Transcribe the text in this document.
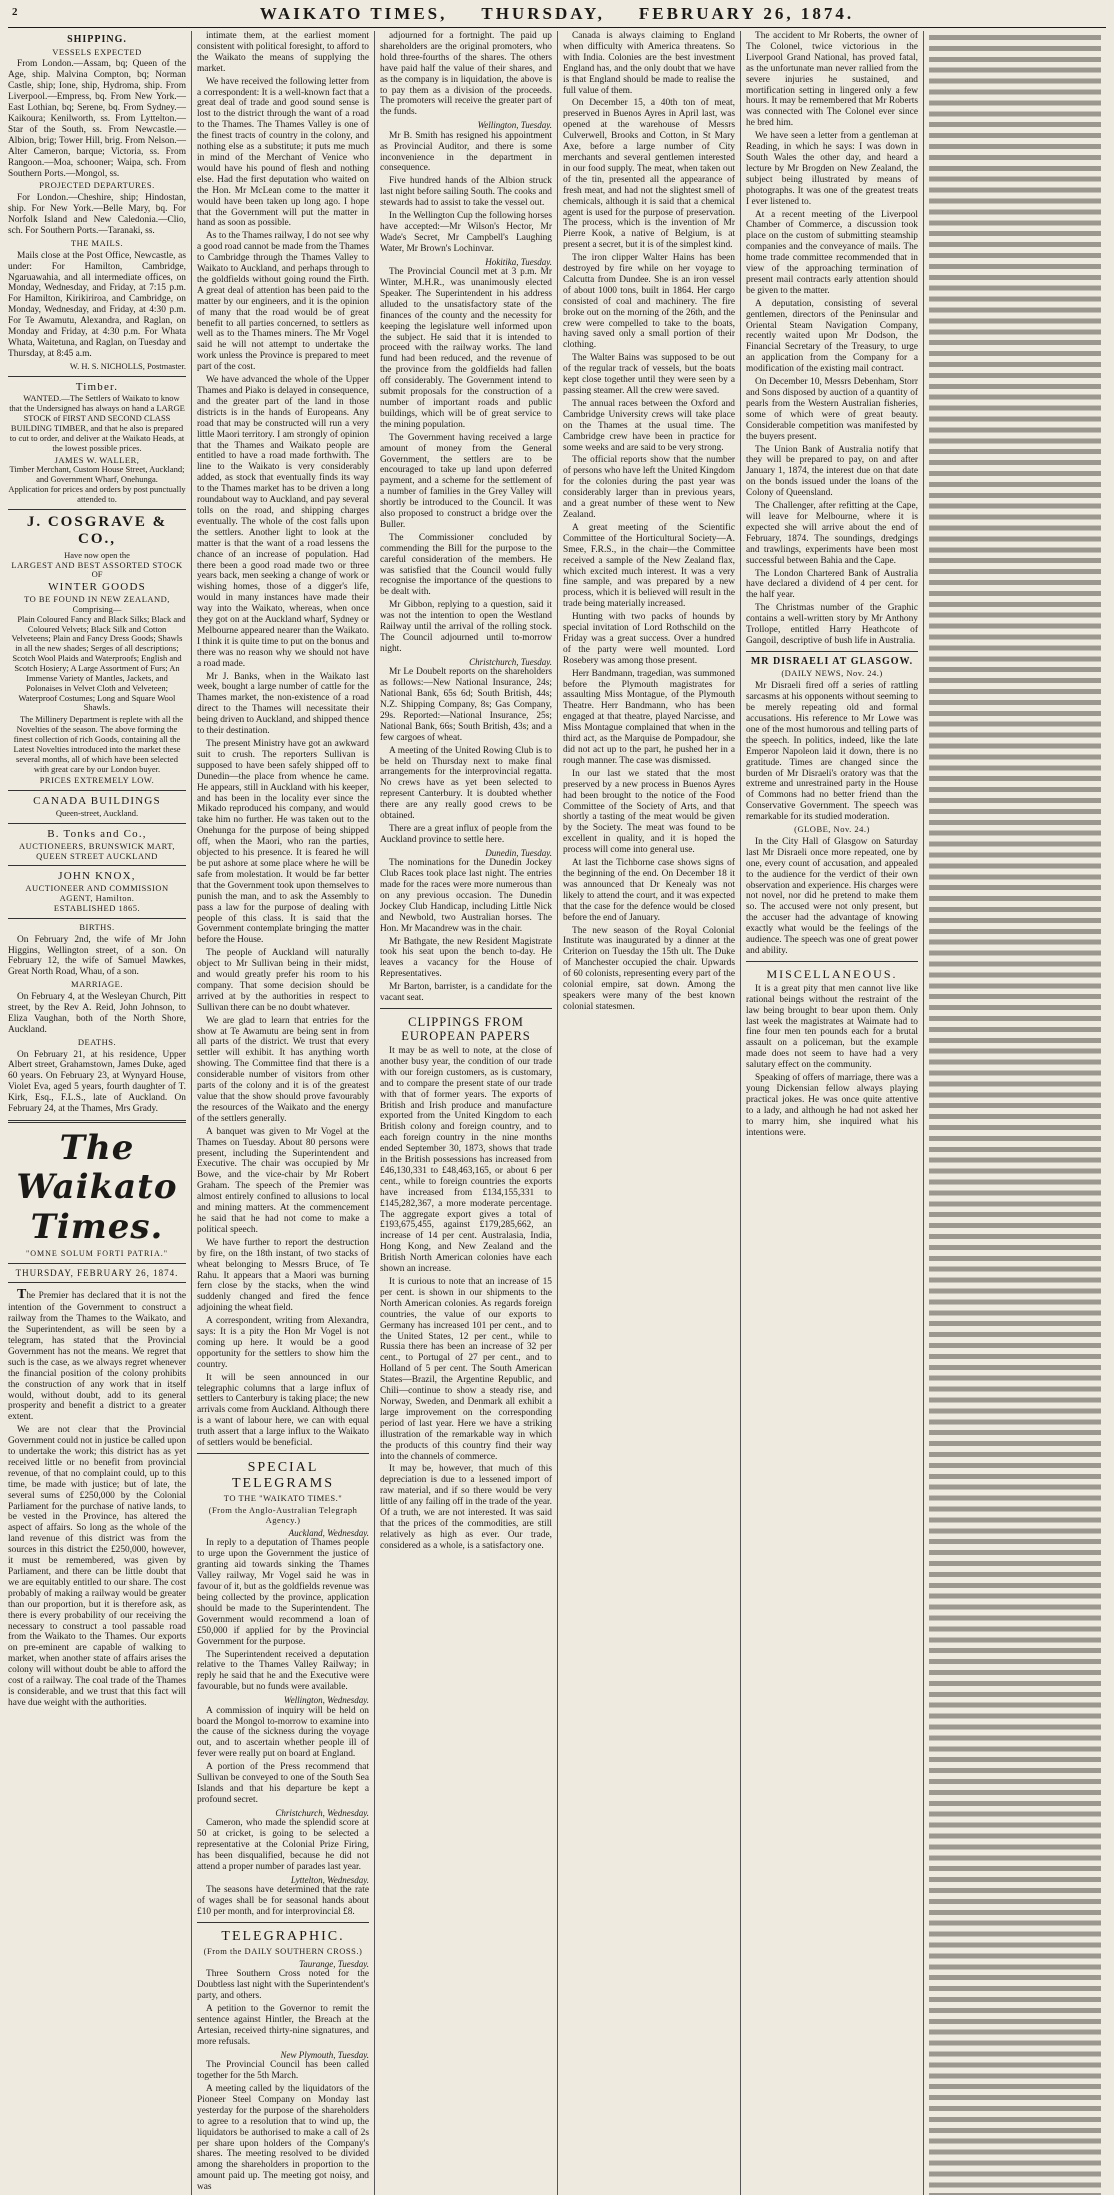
2	WAIKATO TIMES, THURSDAY, FEBRUARY 26, 1874.
SHIPPING.
VESSELS EXPECTED

From London.—Assam, bq; Queen of the Age, ship. Malvina Compton, bq; Norman Castle, ship; Ione, ship, Hydroma, ship. From Liverpool.—Empress, bq. From New York.—East Lothian, bq; Serene, bq. From Sydney.—Kaikoura; Kenilworth, ss. From Lyttelton.—Star of the South, ss. From Newcastle.—Albion, brig; Tower Hill, brig. From Nelson.—Alter Cameron, barque; Victoria, ss. From Rangoon.—Moa, schooner; Waipa, sch. From Southern Ports.—Mongol, ss.

PROJECTED DEPARTURES.

For London.—Cheshire, ship; Hindostan, ship. For New York.—Belle Mary, bq. For Norfolk Island and New Caledonia.—Clio, sch. For Southern Ports.—Taranaki, ss.

THE MAILS.

Mails close at the Post Office, Newcastle, as under: For Hamilton, Cambridge, Ngaruawahia, and all intermediate offices, on Monday, Wednesday, and Friday, at 7:15 p.m. For Hamilton, Kirikiriroa, and Cambridge, on Monday, Wednesday, and Friday, at 4:30 p.m. For Te Awamutu, Alexandra, and Raglan, on Monday and Friday, at 4:30 p.m. For Whata Whata, Waitetuna, and Raglan, on Tuesday and Thursday, at 8:45 a.m.

W. H. S. NICHOLLS, Postmaster.
Timber.

WANTED.—The Settlers of Waikato to know that the Undersigned has always on hand a LARGE STOCK of FIRST AND SECOND CLASS BUILDING TIMBER, and that he also is prepared to cut to order, and deliver at the Waikato Heads, at the lowest possible prices.

JAMES W. WALLER,
Timber Merchant, Custom House Street, Auckland; and Government Wharf, Onehunga.
Application for prices and orders by post punctually attended to.
J. COSGRAVE & CO.,
Have now open the
LARGEST AND BEST ASSORTED STOCK
OF
WINTER GOODS
TO BE FOUND IN NEW ZEALAND,
Comprising—

Plain Coloured Fancy and Black Silks; Black and Coloured Velvets; Black Silk and Cotton Velveteens; Plain and Fancy Dress Goods; Shawls in all the new shades; Serges of all descriptions; Scotch Wool Plaids and Waterproofs; English and Scotch Hosiery; A Large Assortment of Furs; An Immense Variety of Mantles, Jackets, and Polonaises in Velvet Cloth and Velveteen; Waterproof Costumes; Long and Square Wool Shawls.

The Millinery Department is replete with all the Novelties of the season. The above forming the finest collection of rich Goods, containing all the Latest Novelties introduced into the market these several months, all of which have been selected with great care by our London buyer.

PRICES EXTREMELY LOW.
CANADA BUILDINGS
Queen-street, Auckland.
B. Tonks and Co.,
AUCTIONEERS, BRUNSWICK MART,
QUEEN STREET AUCKLAND
JOHN KNOX,
AUCTIONEER AND COMMISSION AGENT, Hamilton.
ESTABLISHED 1865.
BIRTHS.

On February 2nd, the wife of Mr John Higgins, Wellington street, of a son. On February 12, the wife of Samuel Mawkes, Great North Road, Whau, of a son.

MARRIAGE.

On February 4, at the Wesleyan Church, Pitt street, by the Rev A. Reid, John Johnson, to Eliza Vaughan, both of the North Shore, Auckland.

DEATHS.

On February 21, at his residence, Upper Albert street, Grahamstown, James Duke, aged 60 years. On February 23, at Wynyard House, Violet Eva, aged 5 years, fourth daughter of T. Kirk, Esq., F.L.S., late of Auckland. On February 24, at the Thames, Mrs Grady.

The Waikato Times.
"OMNE SOLUM FORTI PATRIA."
THURSDAY, FEBRUARY 26, 1874.

The Premier has declared that it is not the intention of the Government to construct a railway from the Thames to the Waikato, and the Superintendent, as will be seen by a telegram, has stated that the Provincial Government has not the means. We regret that such is the case, as we always regret whenever the financial position of the colony prohibits the construction of any work that in itself would, without doubt, add to its general prosperity and benefit a district to a greater extent.

We are not clear that the Provincial Government could not in justice be called upon to undertake the work; this district has as yet received little or no benefit from provincial revenue, of that no complaint could, up to this time, be made with justice; but of late, the several sums of £250,000 by the Colonial Parliament for the purchase of native lands, to be vested in the Province, has altered the aspect of affairs. So long as the whole of the land revenue of this district was from the sources in this district the £250,000, however, it must be remembered, was given by Parliament, and there can be little doubt that we are equitably entitled to our share. The cost probably of making a railway would be greater than our proportion, but it is therefore ask, as there is every probability of our receiving the necessary to construct a tool passable road from the Waikato to the Thames. Our exports on pre-eminent are capable of walking to market, when another state of affairs arises the colony will without doubt be able to afford the cost of a railway. The coal trade of the Thames is considerable, and we trust that this fact will have due weight with the authorities.

intimate them, at the earliest moment consistent with political foresight, to afford to the Waikato the means of supplying the market.

We have received the following letter from a correspondent: It is a well-known fact that a great deal of trade and good sound sense is lost to the district through the want of a road to the Thames. The Thames Valley is one of the finest tracts of country in the colony, and nothing else as a substitute; it puts me much in mind of the Merchant of Venice who would have his pound of flesh and nothing else. Had the first deputation who waited on the Hon. Mr McLean come to the matter it would have been taken up long ago. I hope that the Government will put the matter in hand as soon as possible.

As to the Thames railway, I do not see why a good road cannot be made from the Thames to Cambridge through the Thames Valley to Waikato to Auckland, and perhaps through to the goldfields without going round the Firth. A great deal of attention has been paid to the matter by our engineers, and it is the opinion of many that the road would be of great benefit to all parties concerned, to settlers as well as to the Thames miners. The Mr Vogel said he will not attempt to undertake the work unless the Province is prepared to meet part of the cost.

We have advanced the whole of the Upper Thames and Piako is delayed in consequence, and the greater part of the land in those districts is in the hands of Europeans. Any road that may be constructed will run a very little Maori territory. I am strongly of opinion that the Thames and Waikato people are entitled to have a road made forthwith. The line to the Waikato is very considerably added, as stock that eventually finds its way to the Thames market has to be driven a long roundabout way to Auckland, and pay several tolls on the road, and shipping charges eventually. The whole of the cost falls upon the settlers. Another light to look at the matter is that the want of a road lessens the chance of an increase of population. Had there been a good road made two or three years back, men seeking a change of work or wishing homes, those of a digger's life, would in many instances have made their way into the Waikato, whereas, when once they got on at the Auckland wharf, Sydney or Melbourne appeared nearer than the Waikato. I think it is quite time to put on the bonus and there was no reason why we should not have a road made.

Mr J. Banks, when in the Waikato last week, bought a large number of cattle for the Thames market, the non-existence of a road direct to the Thames will necessitate their being driven to Auckland, and shipped thence to their destination.

The present Ministry have got an awkward suit to crush. The reporters Sullivan is supposed to have been safely shipped off to Dunedin—the place from whence he came. He appears, still in Auckland with his keeper, and has been in the locality ever since the Mikado reproduced his company, and would take him no further. He was taken out to the Onehunga for the purpose of being shipped off, when the Maori, who ran the parties, objected to his presence. It is feared he will be put ashore at some place where he will be safe from molestation. It would be far better that the Government took upon themselves to punish the man, and to ask the Assembly to pass a law for the purpose of dealing with people of this class. It is said that the Government contemplate bringing the matter before the House.

The people of Auckland will naturally object to Mr Sullivan being in their midst, and would greatly prefer his room to his company. That some decision should be arrived at by the authorities in respect to Sullivan there can be no doubt whatever.

We are glad to learn that entries for the show at Te Awamutu are being sent in from all parts of the district. We trust that every settler will exhibit. It has anything worth showing. The Committee find that there is a considerable number of visitors from other parts of the colony and it is of the greatest value that the show should prove favourably the resources of the Waikato and the energy of the settlers generally.

A banquet was given to Mr Vogel at the Thames on Tuesday. About 80 persons were present, including the Superintendent and Executive. The chair was occupied by Mr Bowe, and the vice-chair by Mr Robert Graham. The speech of the Premier was almost entirely confined to allusions to local and mining matters. At the commencement he said that he had not come to make a political speech.

We have further to report the destruction by fire, on the 18th instant, of two stacks of wheat belonging to Messrs Bruce, of Te Rahu. It appears that a Maori was burning fern close by the stacks, when the wind suddenly changed and fired the fence adjoining the wheat field.

A correspondent, writing from Alexandra, says: It is a pity the Hon Mr Vogel is not coming up here. It would be a good opportunity for the settlers to show him the country.

It will be seen announced in our telegraphic columns that a large influx of settlers to Canterbury is taking place; the new arrivals come from Auckland. Although there is a want of labour here, we can with equal truth assert that a large influx to the Waikato of settlers would be beneficial.

SPECIAL TELEGRAMS
TO THE "WAIKATO TIMES."
(From the Anglo-Australian Telegraph Agency.)
Auckland, Wednesday.

In reply to a deputation of Thames people to urge upon the Government the justice of granting aid towards sinking the Thames Valley railway, Mr Vogel said he was in favour of it, but as the goldfields revenue was being collected by the province, application should be made to the Superintendent. The Government would recommend a loan of £50,000 if applied for by the Provincial Government for the purpose.

The Superintendent received a deputation relative to the Thames Valley Railway; in reply he said that he and the Executive were favourable, but no funds were available.

Wellington, Wednesday.

A commission of inquiry will be held on board the Mongol to-morrow to examine into the cause of the sickness during the voyage out, and to ascertain whether people ill of fever were really put on board at England.

A portion of the Press recommend that Sullivan be conveyed to one of the South Sea Islands and that his departure be kept a profound secret.

Christchurch, Wednesday.

Cameron, who made the splendid score at 50 at cricket, is going to be selected a representative at the Colonial Prize Firing, has been disqualified, because he did not attend a proper number of parades last year.

Lyttelton, Wednesday.

The seasons have determined that the rate of wages shall be for seasonal hands about £10 per month, and for interprovincial £8.

TELEGRAPHIC.
(From the DAILY SOUTHERN CROSS.)
Taurange, Tuesday.

Three Southern Cross noted for the Doubtless last night with the Superintendent's party, and others.

A petition to the Governor to remit the sentence against Hintler, the Breach at the Artesian, received thirty-nine signatures, and more refusals.

New Plymouth, Tuesday.

The Provincial Council has been called together for the 5th March.

A meeting called by the liquidators of the Pioneer Steel Company on Monday last yesterday for the purpose of the shareholders to agree to a resolution that to wind up, the liquidators be authorised to make a call of 2s per share upon holders of the Company's shares. The meeting resolved to be divided among the shareholders in proportion to the amount paid up. The meeting got noisy, and was

adjourned for a fortnight. The paid up shareholders are the original promoters, who hold three-fourths of the shares. The others have paid half the value of their shares, and as the company is in liquidation, the above is to pay them as a division of the proceeds. The promoters will receive the greater part of the funds.

Wellington, Tuesday.

Mr B. Smith has resigned his appointment as Provincial Auditor, and there is some inconvenience in the department in consequence.

Five hundred hands of the Albion struck last night before sailing South. The cooks and stewards had to assist to take the vessel out.

In the Wellington Cup the following horses have accepted:—Mr Wilson's Hector, Mr Wade's Secret, Mr Campbell's Laughing Water, Mr Brown's Lochinvar.

Hokitika, Tuesday.

The Provincial Council met at 3 p.m. Mr Winter, M.H.R., was unanimously elected Speaker. The Superintendent in his address alluded to the unsatisfactory state of the finances of the county and the necessity for keeping the legislature well informed upon the subject. He said that it is intended to proceed with the railway works. The land fund had been reduced, and the revenue of the province from the goldfields had fallen off considerably. The Government intend to submit proposals for the construction of a number of important roads and public buildings, which will be of great service to the mining population.

The Government having received a large amount of money from the General Government, the settlers are to be encouraged to take up land upon deferred payment, and a scheme for the settlement of a number of families in the Grey Valley will shortly be introduced to the Council. It was also proposed to construct a bridge over the Buller.

The Commissioner concluded by commending the Bill for the purpose to the careful consideration of the members. He was satisfied that the Council would fully recognise the importance of the questions to be dealt with.

Mr Gibbon, replying to a question, said it was not the intention to open the Westland Railway until the arrival of the rolling stock. The Council adjourned until to-morrow night.

Christchurch, Tuesday.

Mr Le Doubelt reports on the shareholders as follows:—New National Insurance, 24s; National Bank, 65s 6d; South British, 44s; N.Z. Shipping Company, 8s; Gas Company, 29s. Reported:—National Insurance, 25s; National Bank, 66s; South British, 43s; and a few cargoes of wheat.

A meeting of the United Rowing Club is to be held on Thursday next to make final arrangements for the interprovincial regatta. No crews have as yet been selected to represent Canterbury. It is doubted whether there are any really good crews to be obtained.

There are a great influx of people from the Auckland province to settle here.

Dunedin, Tuesday.

The nominations for the Dunedin Jockey Club Races took place last night. The entries made for the races were more numerous than on any previous occasion. The Dunedin Jockey Club Handicap, including Little Nick and Newbold, two Australian horses. The Hon. Mr Macandrew was in the chair.

Mr Bathgate, the new Resident Magistrate took his seat upon the bench to-day. He leaves a vacancy for the House of Representatives.

Mr Barton, barrister, is a candidate for the vacant seat.

CLIPPINGS FROM EUROPEAN PAPERS

It may be as well to note, at the close of another busy year, the condition of our trade with our foreign customers, as is customary, and to compare the present state of our trade with that of former years. The exports of British and Irish produce and manufacture exported from the United Kingdom to each British colony and foreign country, and to each foreign country in the nine months ended September 30, 1873, shows that trade in the British possessions has increased from £46,130,331 to £48,463,165, or about 6 per cent., while to foreign countries the exports have increased from £134,155,331 to £145,282,367, a more moderate percentage. The aggregate export gives a total of £193,675,455, against £179,285,662, an increase of 14 per cent. Australasia, India, Hong Kong, and New Zealand and the British North American colonies have each shown an increase.

It is curious to note that an increase of 15 per cent. is shown in our shipments to the North American colonies. As regards foreign countries, the value of our exports to Germany has increased 101 per cent., and to the United States, 12 per cent., while to Russia there has been an increase of 32 per cent., to Portugal of 27 per cent., and to Holland of 5 per cent. The South American States—Brazil, the Argentine Republic, and Chili—continue to show a steady rise, and Norway, Sweden, and Denmark all exhibit a large improvement on the corresponding period of last year. Here we have a striking illustration of the remarkable way in which the products of this country find their way into the channels of commerce.

It may be, however, that much of this depreciation is due to a lessened import of raw material, and if so there would be very little of any failing off in the trade of the year. Of a truth, we are not interested. It was said that the prices of the commodities, are still relatively as high as ever. Our trade, considered as a whole, is a satisfactory one.

Canada is always claiming to England when difficulty with America threatens. So with India. Colonies are the best investment England has, and the only doubt that we have is that England should be made to realise the full value of them.

On December 15, a 40th ton of meat, preserved in Buenos Ayres in April last, was opened at the warehouse of Messrs Culverwell, Brooks and Cotton, in St Mary Axe, before a large number of City merchants and several gentlemen interested in our food supply. The meat, when taken out of the tin, presented all the appearance of fresh meat, and had not the slightest smell of chemicals, although it is said that a chemical agent is used for the purpose of preservation. The process, which is the invention of Mr Pierre Kook, a native of Belgium, is at present a secret, but it is of the simplest kind.

The iron clipper Walter Hains has been destroyed by fire while on her voyage to Calcutta from Dundee. She is an iron vessel of about 1000 tons, built in 1864. Her cargo consisted of coal and machinery. The fire broke out on the morning of the 26th, and the crew were compelled to take to the boats, having saved only a small portion of their clothing.

The Walter Bains was supposed to be out of the regular track of vessels, but the boats kept close together until they were seen by a passing steamer. All the crew were saved.

The annual races between the Oxford and Cambridge University crews will take place on the Thames at the usual time. The Cambridge crew have been in practice for some weeks and are said to be very strong.

The official reports show that the number of persons who have left the United Kingdom for the colonies during the past year was considerably larger than in previous years, and a great number of these went to New Zealand.

A great meeting of the Scientific Committee of the Horticultural Society—A. Smee, F.R.S., in the chair—the Committee received a sample of the New Zealand flax, which excited much interest. It was a very fine sample, and was prepared by a new process, which it is believed will result in the trade being materially increased.

Hunting with two packs of hounds by special invitation of Lord Rothschild on the Friday was a great success. Over a hundred of the party were well mounted. Lord Rosebery was among those present.

Herr Bandmann, tragedian, was summoned before the Plymouth magistrates for assaulting Miss Montague, of the Plymouth Theatre. Herr Bandmann, who has been engaged at that theatre, played Narcisse, and Miss Montague complained that when in the third act, as the Marquise de Pompadour, she did not act up to the part, he pushed her in a rough manner. The case was dismissed.

In our last we stated that the most preserved by a new process in Buenos Ayres had been brought to the notice of the Food Committee of the Society of Arts, and that shortly a tasting of the meat would be given by the Society. The meat was found to be excellent in quality, and it is hoped the process will come into general use.

At last the Tichborne case shows signs of the beginning of the end. On December 18 it was announced that Dr Kenealy was not likely to attend the court, and it was expected that the case for the defence would be closed before the end of January.

The new season of the Royal Colonial Institute was inaugurated by a dinner at the Criterion on Tuesday the 15th ult. The Duke of Manchester occupied the chair. Upwards of 60 colonists, representing every part of the colonial empire, sat down. Among the speakers were many of the best known colonial statesmen.

The accident to Mr Roberts, the owner of The Colonel, twice victorious in the Liverpool Grand National, has proved fatal, as the unfortunate man never rallied from the severe injuries he sustained, and mortification setting in lingered only a few hours. It may be remembered that Mr Roberts was connected with The Colonel ever since he bred him.

We have seen a letter from a gentleman at Reading, in which he says: I was down in South Wales the other day, and heard a lecture by Mr Brogden on New Zealand, the subject being illustrated by means of photographs. It was one of the greatest treats I ever listened to.

At a recent meeting of the Liverpool Chamber of Commerce, a discussion took place on the custom of submitting steamship companies and the conveyance of mails. The home trade committee recommended that in view of the approaching termination of present mail contracts early attention should be given to the matter.

A deputation, consisting of several gentlemen, directors of the Peninsular and Oriental Steam Navigation Company, recently waited upon Mr Dodson, the Financial Secretary of the Treasury, to urge an application from the Company for a modification of the existing mail contract.

On December 10, Messrs Debenham, Storr and Sons disposed by auction of a quantity of pearls from the Western Australian fisheries, some of which were of great beauty. Considerable competition was manifested by the buyers present.

The Union Bank of Australia notify that they will be prepared to pay, on and after January 1, 1874, the interest due on that date on the bonds issued under the loans of the Colony of Queensland.

The Challenger, after refitting at the Cape, will leave for Melbourne, where it is expected she will arrive about the end of February, 1874. The soundings, dredgings and trawlings, experiments have been most successful between Bahia and the Cape.

The London Chartered Bank of Australia have declared a dividend of 4 per cent. for the half year.

The Christmas number of the Graphic contains a well-written story by Mr Anthony Trollope, entitled Harry Heathcote of Gangoil, descriptive of bush life in Australia.

MR DISRAELI AT GLASGOW.
(DAILY NEWS, Nov. 24.)

Mr Disraeli fired off a series of rattling sarcasms at his opponents without seeming to be merely repeating old and formal accusations. His reference to Mr Lowe was one of the most humorous and telling parts of the speech. In politics, indeed, like the late Emperor Napoleon laid it down, there is no gratitude. Times are changed since the burden of Mr Disraeli's oratory was that the extreme and unrestrained party in the House of Commons had no better friend than the Conservative Government. The speech was remarkable for its studied moderation.

(GLOBE, Nov. 24.)

In the City Hall of Glasgow on Saturday last Mr Disraeli once more repeated, one by one, every count of accusation, and appealed to the audience for the verdict of their own observation and experience. His charges were not novel, nor did he pretend to make them so. The accused were not only present, but the accuser had the advantage of knowing exactly what would be the feelings of the audience. The speech was one of great power and ability.

MISCELLANEOUS.

It is a great pity that men cannot live like rational beings without the restraint of the law being brought to bear upon them. Only last week the magistrates at Waimate had to fine four men ten pounds each for a brutal assault on a policeman, but the example made does not seem to have had a very salutary effect on the community.

Speaking of offers of marriage, there was a young Dickensian fellow always playing practical jokes. He was once quite attentive to a lady, and although he had not asked her to marry him, she inquired what his intentions were.
